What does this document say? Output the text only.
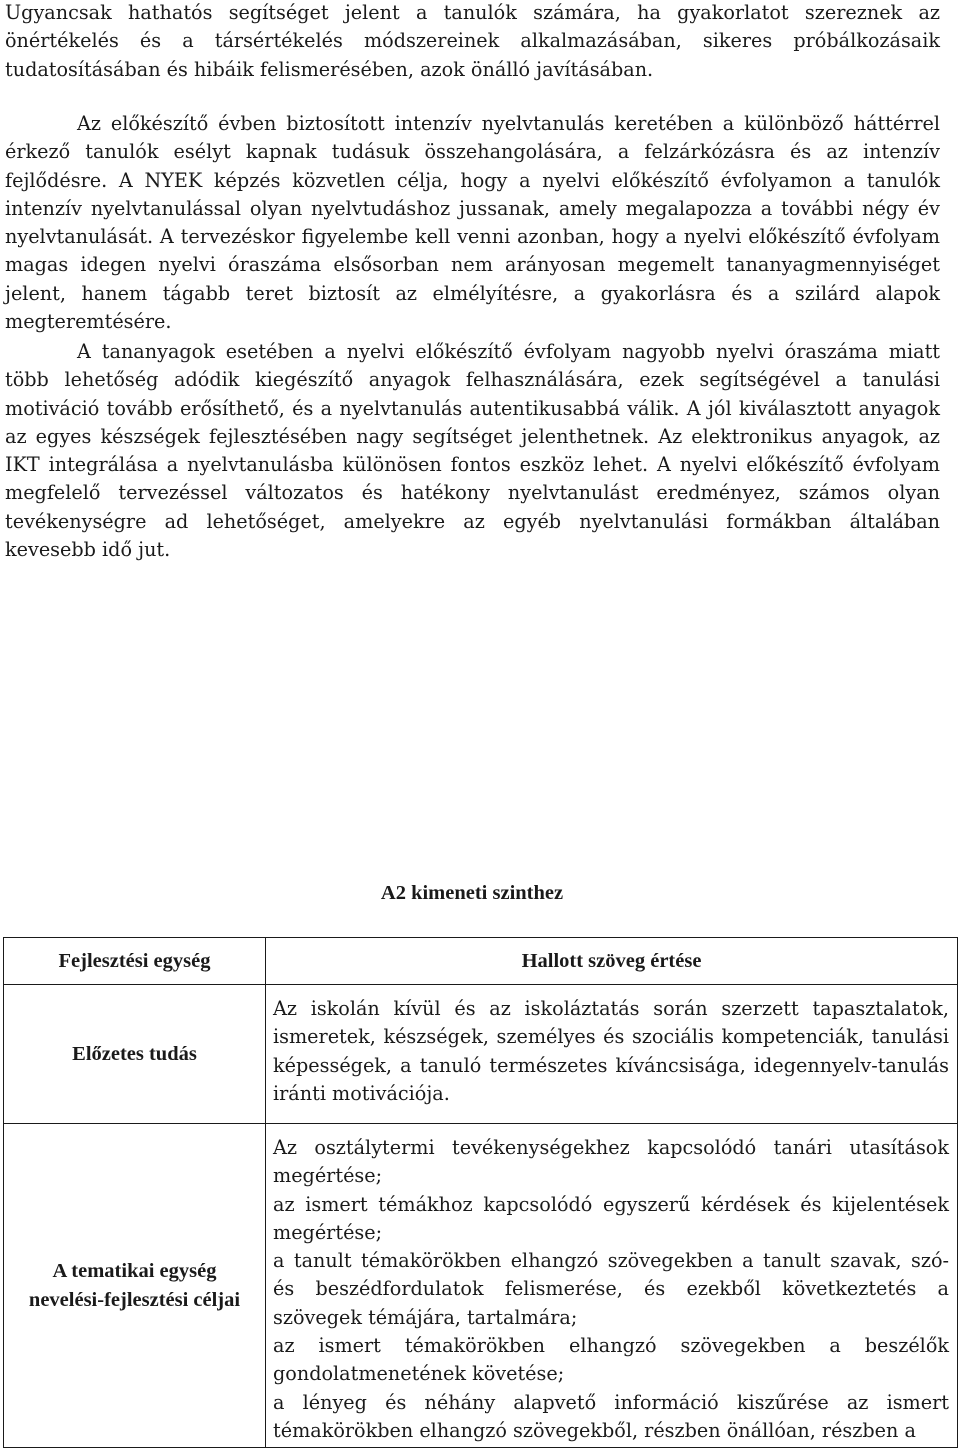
Ugyancsak hathatós segítséget jelent a tanulók számára, ha gyakorlatot szereznek az önértékelés és a társértékelés módszereinek alkalmazásában, sikeres próbálkozásaik tudatosításában és hibáik felismerésében, azok önálló javításában.

Az előkészítő évben biztosított intenzív nyelvtanulás keretében a különböző háttérrel érkező tanulók esélyt kapnak tudásuk összehangolására, a felzárkózásra és az intenzív fejlődésre. A NYEK képzés közvetlen célja, hogy a nyelvi előkészítő évfolyamon a tanulók intenzív nyelvtanulással olyan nyelvtudáshoz jussanak, amely megalapozza a további négy év nyelvtanulását. A tervezéskor figyelembe kell venni azonban, hogy a nyelvi előkészítő évfolyam magas idegen nyelvi óraszáma elsősorban nem arányosan megemelt tananyagmennyiséget jelent, hanem tágabb teret biztosít az elmélyítésre, a gyakorlásra és a szilárd alapok megteremtésére.

A tananyagok esetében a nyelvi előkészítő évfolyam nagyobb nyelvi óraszáma miatt több lehetőség adódik kiegészítő anyagok felhasználására, ezek segítségével a tanulási motiváció tovább erősíthető, és a nyelvtanulás autentikusabbá válik. A jól kiválasztott anyagok az egyes készségek fejlesztésében nagy segítséget jelenthetnek. Az elektronikus anyagok, az IKT integrálása a nyelvtanulásba különösen fontos eszköz lehet. A nyelvi előkészítő évfolyam megfelelő tervezéssel változatos és hatékony nyelvtanulást eredményez, számos olyan tevékenységre ad lehetőséget, amelyekre az egyéb nyelvtanulási formákban általában kevesebb idő jut.

A2 kimeneti szinthez
Fejlesztési egység	Hallott szöveg értése
Előzetes tudás	Az iskolán kívül és az iskoláztatás során szerzett tapasztalatok, ismeretek, készségek, személyes és szociális kompetenciák, tanulási képességek, a tanuló természetes kíváncsisága, idegennyelv-tanulás iránti motivációja.
A tematikai egység nevelési-fejlesztési céljai	Az osztálytermi tevékenységekhez kapcsolódó tanári utasítások megértése;
az ismert témákhoz kapcsolódó egyszerű kérdések és kijelentések megértése;
a tanult témakörökben elhangzó szövegekben a tanult szavak, szó- és beszédfordulatok felismerése, és ezekből következtetés a szövegek témájára, tartalmára;
az ismert témakörökben elhangzó szövegekben a beszélők gondolatmenetének követése;
a lényeg és néhány alapvető információ kiszűrése az ismert témakörökben elhangzó szövegekből, részben önállóan, részben a
